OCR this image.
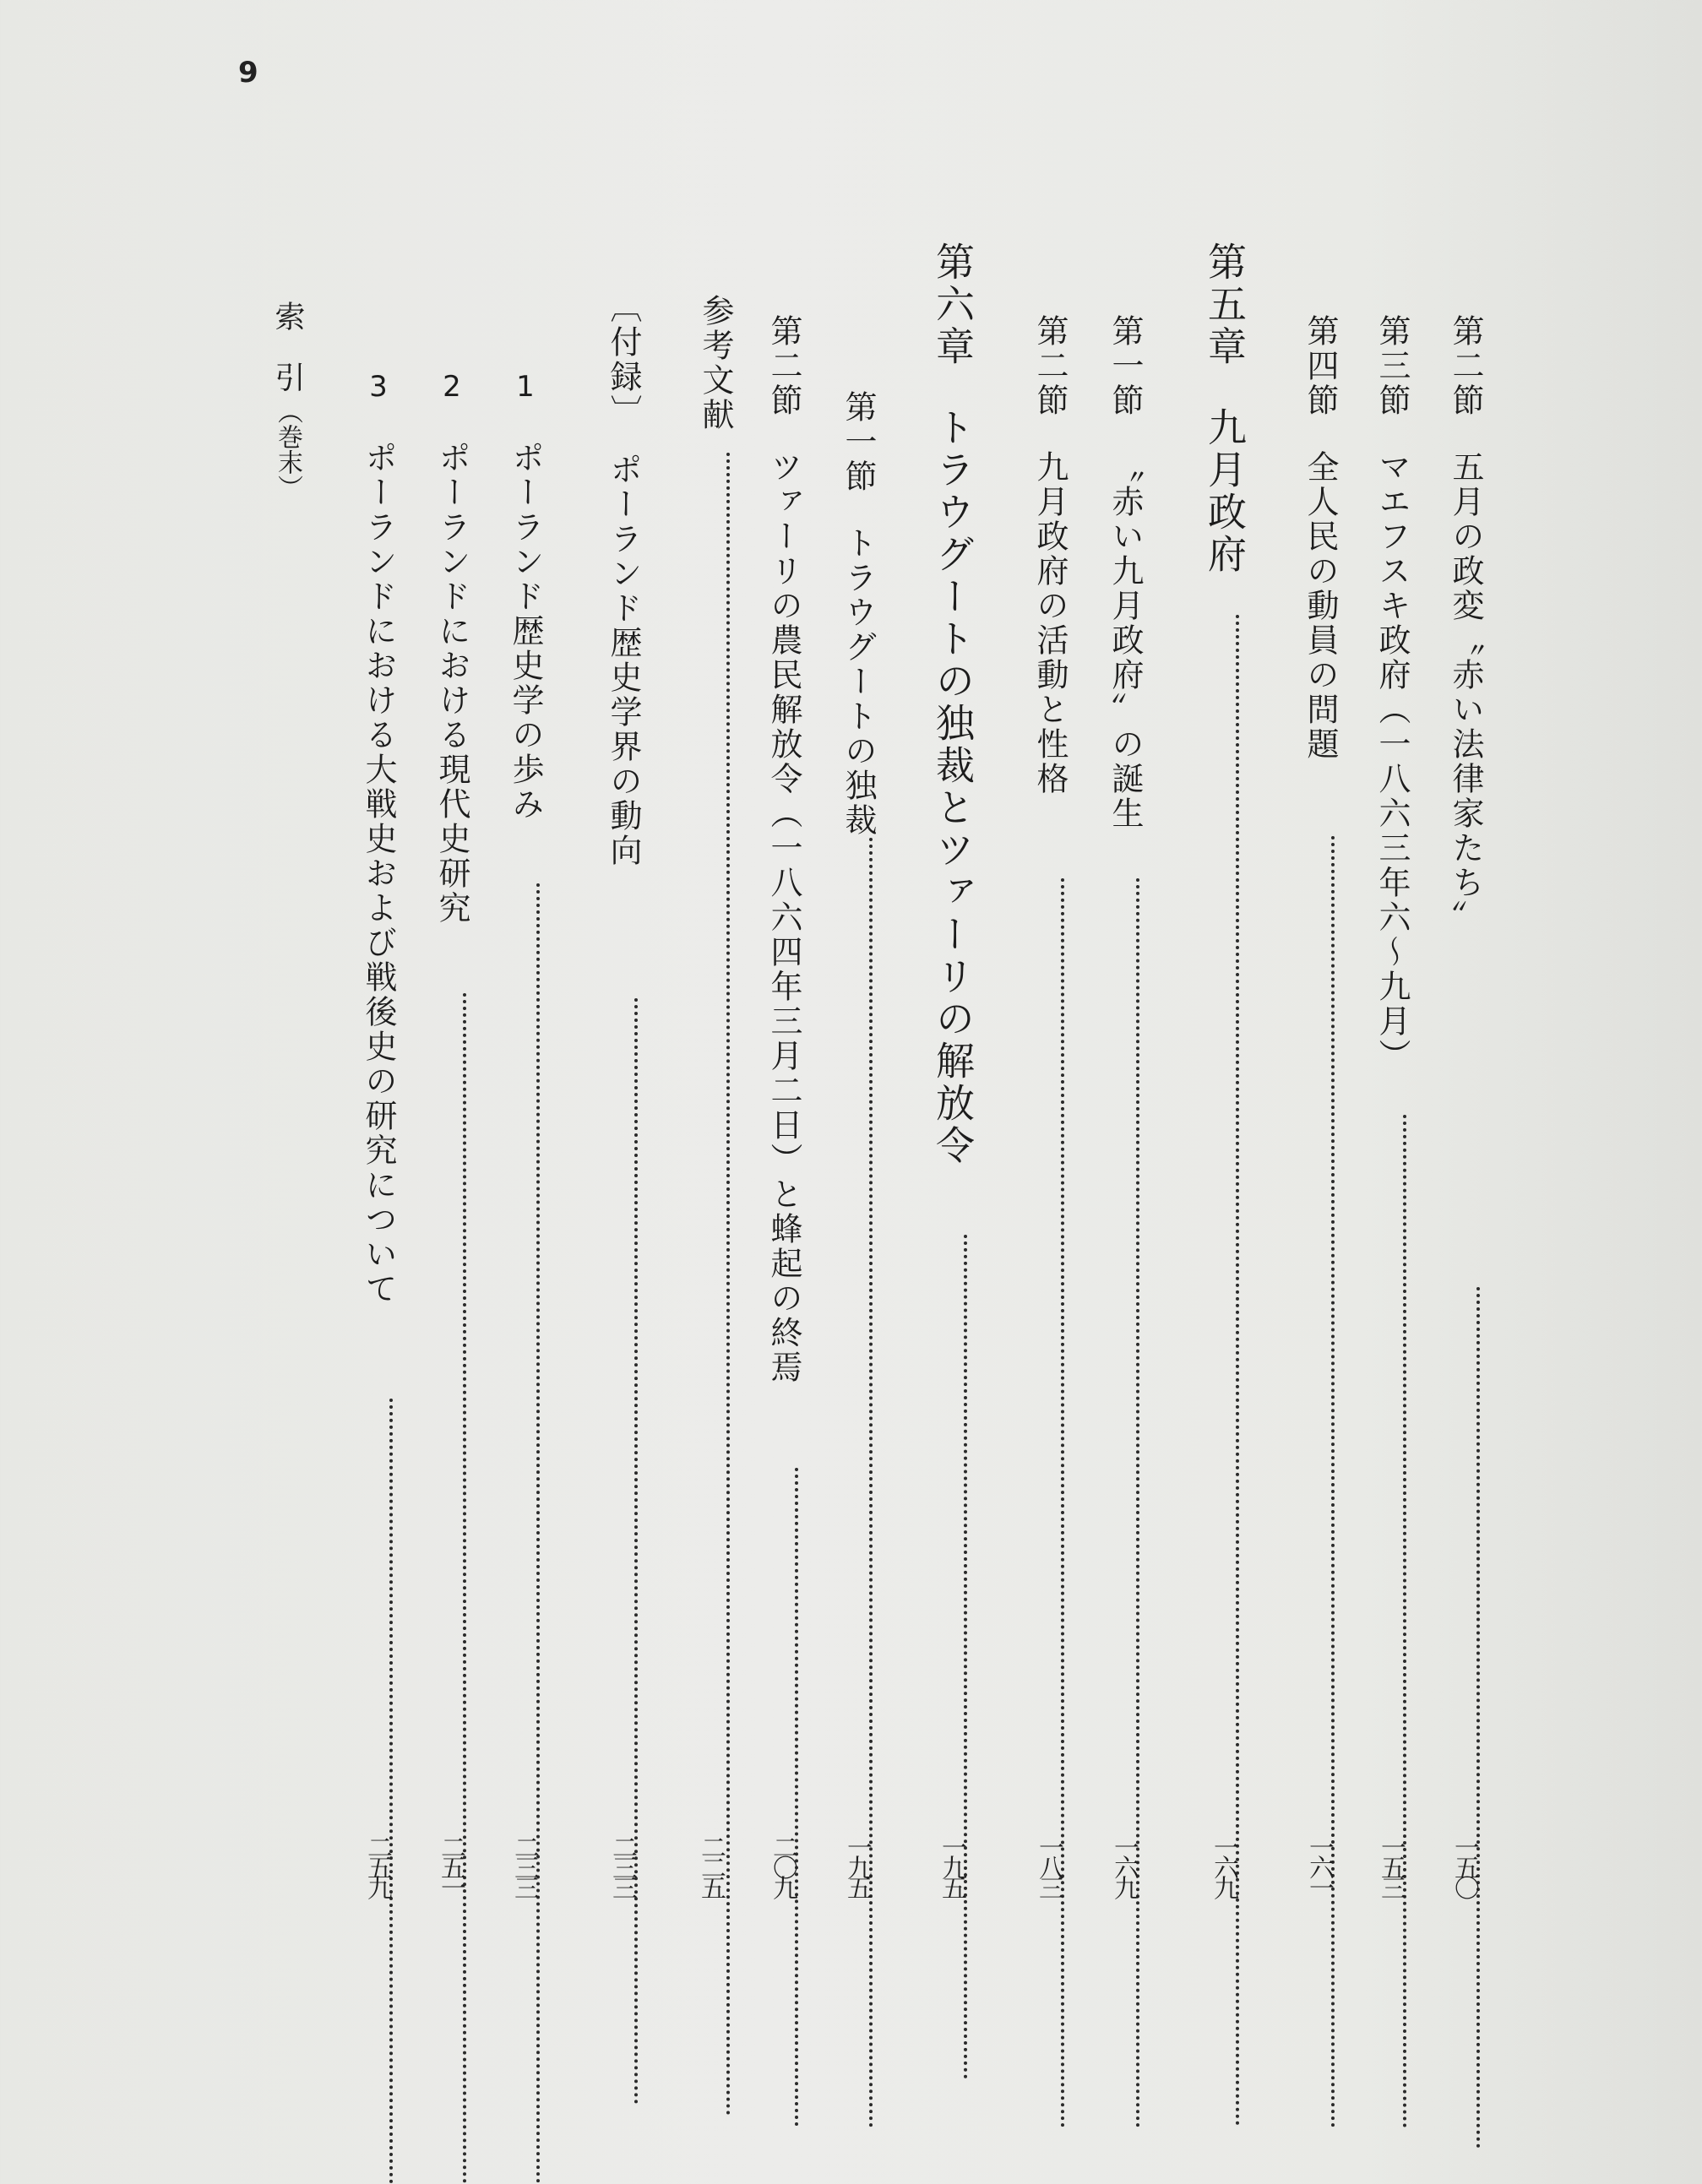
9
第二節
五月の政変〝赤い法律家たち〟
一五〇
第三節
マエフスキ政府（一八六三年六〜九月）
一五三
第四節
全人民の動員の問題
一六一
第五章
九月政府
一六九
第一節
〝赤い九月政府〟の誕生
一六九
第二節
九月政府の活動と性格
一八三
第六章
トラウグートの独裁とツァーリの解放令
一九五
第一節
トラウグートの独裁
一九五
第二節
ツァーリの農民解放令（一八六四年三月二日）と蜂起の終焉
二〇九
参考文献
二二五
〔付録〕
ポーランド歴史学界の動向
二三三
1
ポーランド歴史学の歩み
二三三
2
ポーランドにおける現代史研究
二五一
3
ポーランドにおける大戦史および戦後史の研究について
二五九
索　引
（巻末）
